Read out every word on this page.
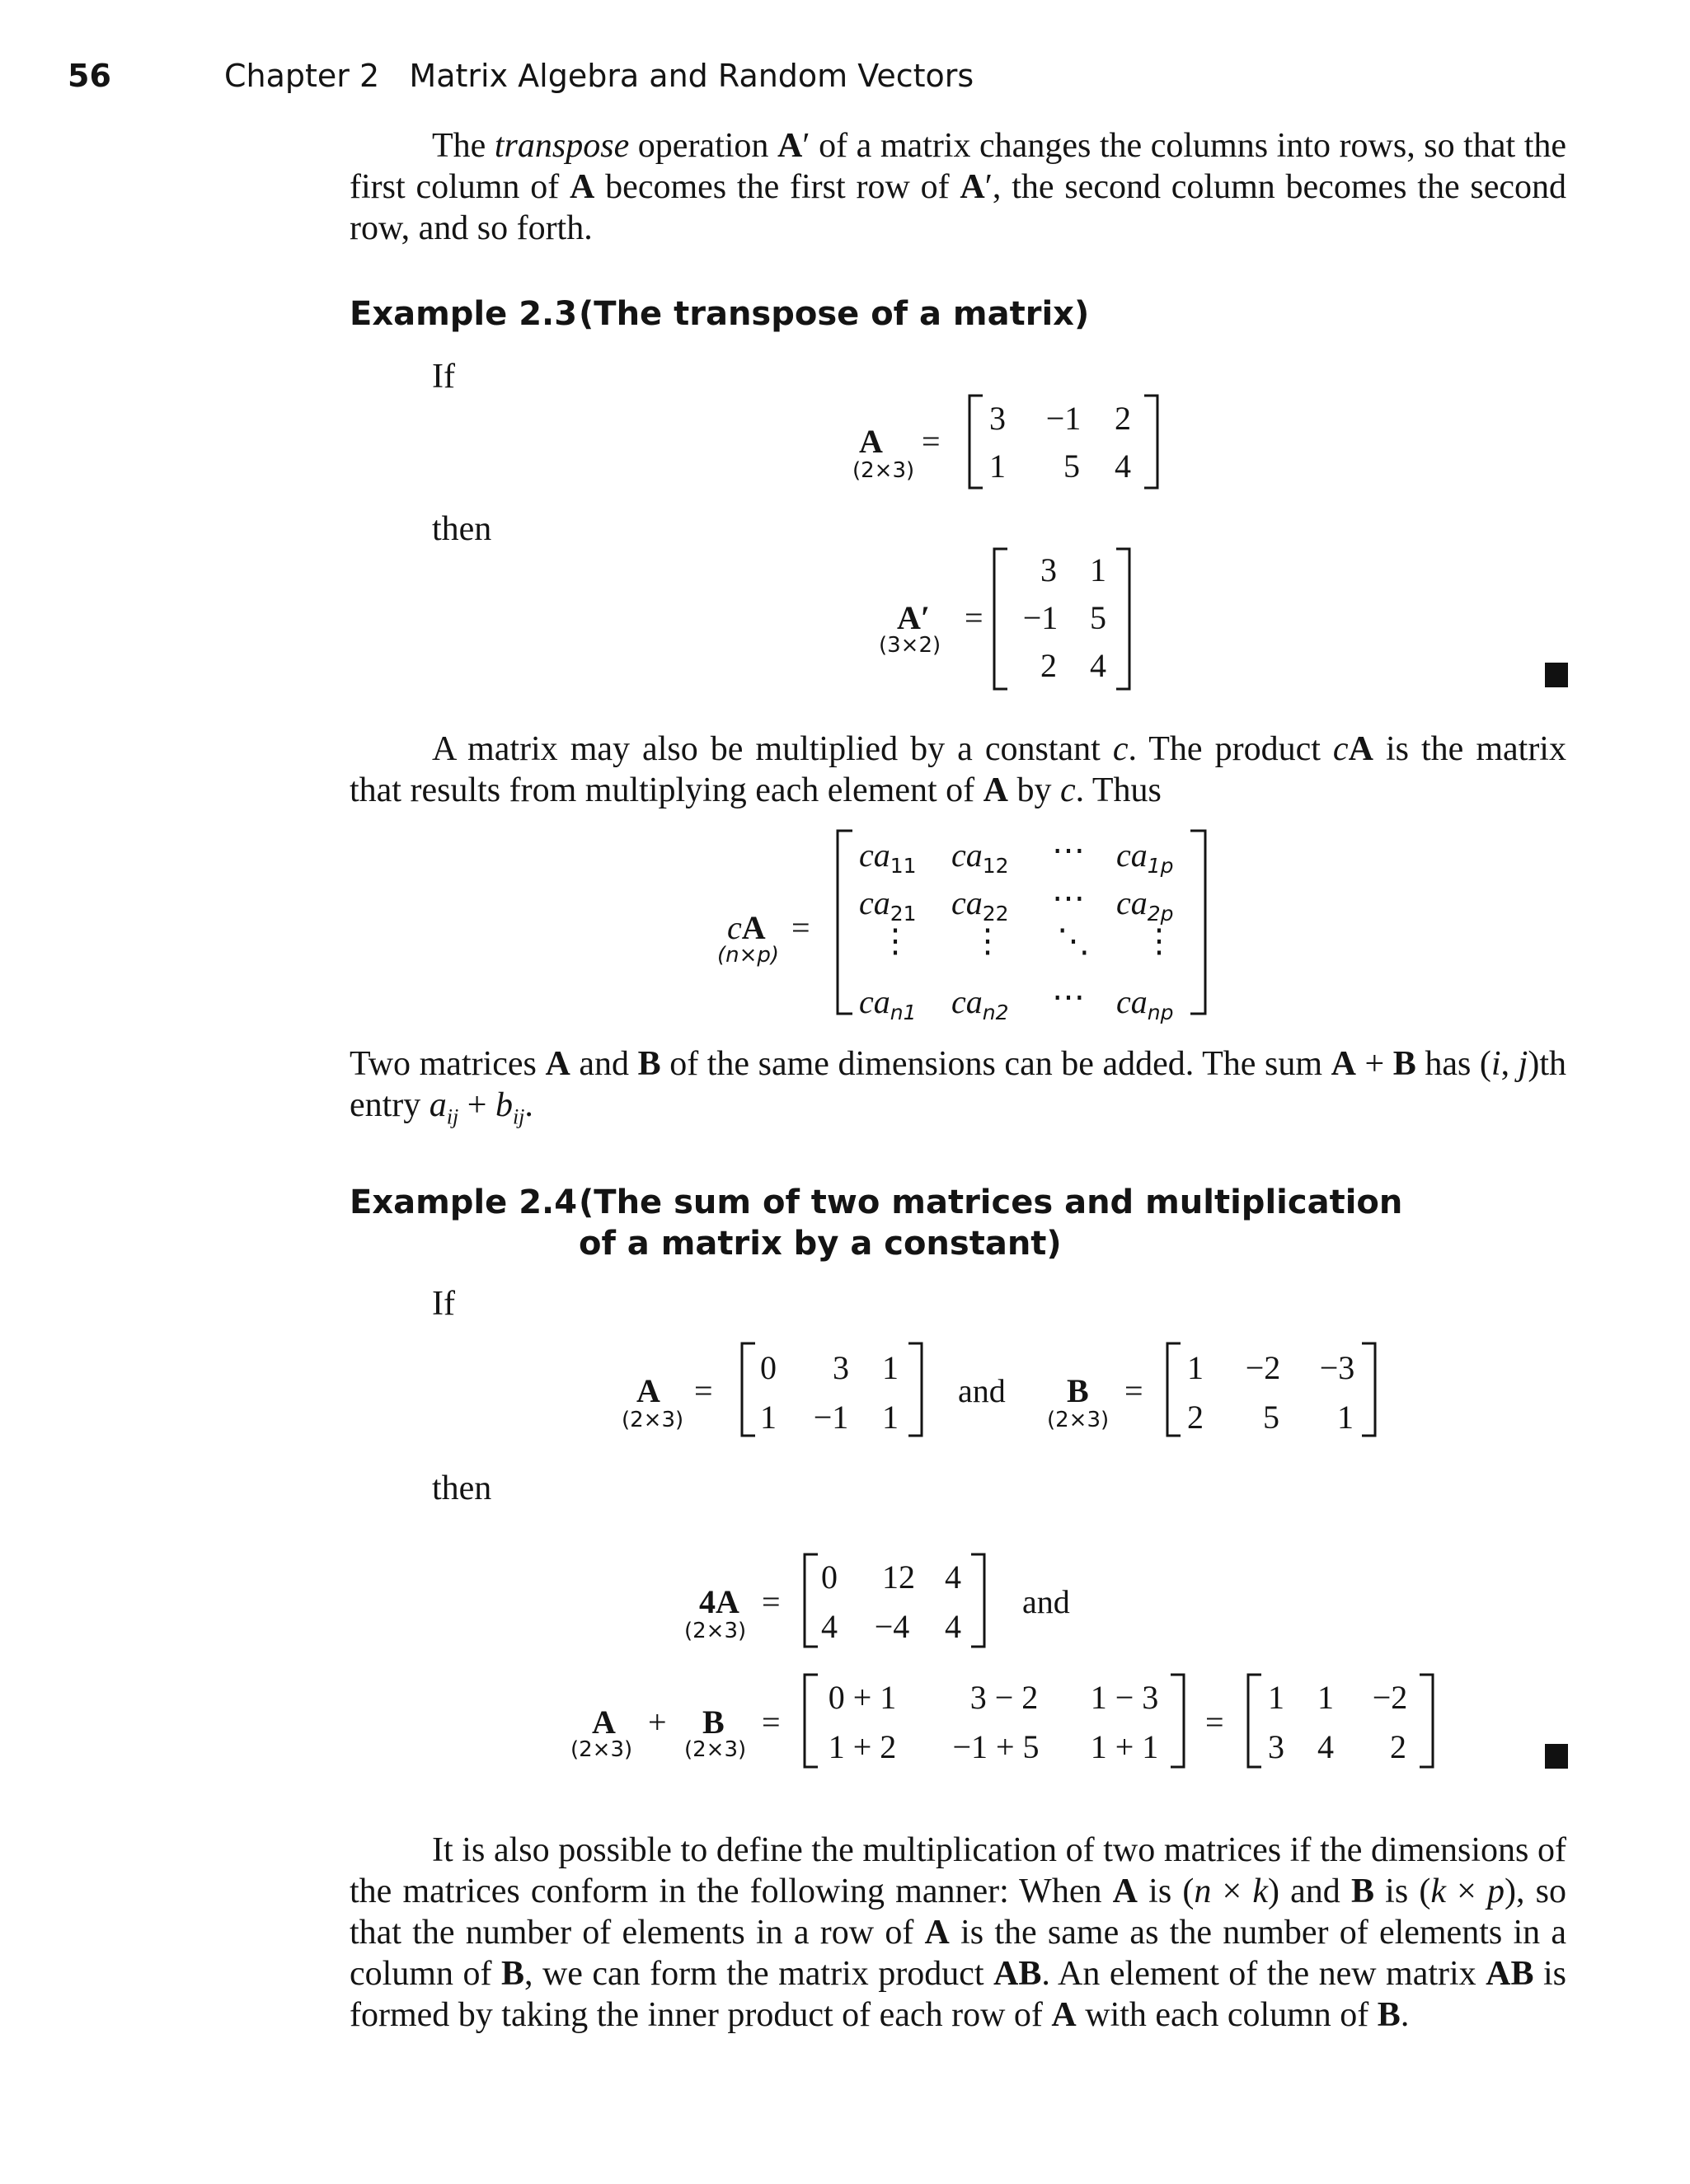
56	Chapter 2   Matrix Algebra and Random Vectors
The transpose operation A′ of a matrix changes the columns into rows, so that the first column of A becomes the first row of A′, the second column becomes the second row, and so forth.
Example 2.3 (The transpose of a matrix)
If
A
(2×3)
=
3	−1	2
1	5	4
then
A′
(3×2)
=
3	1
−1 5
2	4
A matrix may also be multiplied by a constant c. The product cA is the matrix that results from multiplying each element of A by c. Thus
cA
(n×p)
=
$ca_{11}$ $ca_{12}$ ⋯ $ca_{1p}$
$ca_{21}$ $ca_{22}$ ⋯ $ca_{2p}$
⋮ ⋮ ⋱ ⋮
$ca_{n1}$ $ca_{n2}$ ⋯ $ca_{np}$
Two matrices A and B of the same dimensions can be added. The sum A + B has (i, j)th entry $a_{ij} + b_{ij}$.
Example 2.4 (The sum of two matrices and multiplication
of a matrix by a constant)
If
A
(2×3)
=
0	3	1
1	−1	1
and B
(2×3)
=
1	−2	−3
2	5	1
then
4A
(2×3)
=
0	12 4
4	−4	4
and
A + B
(2×3) (2×3)
=
0 + 1	3 − 2	1 − 3
1 + 2	−1 + 5	1 + 1
=
1	1	−2
3	4	2
It is also possible to define the multiplication of two matrices if the dimensions of the matrices conform in the following manner: When A is (n × k) and B is (k × p), so that the number of elements in a row of A is the same as the number of elements in a column of B, we can form the matrix product AB. An element of the new matrix AB is formed by taking the inner product of each row of A with each column of B.
